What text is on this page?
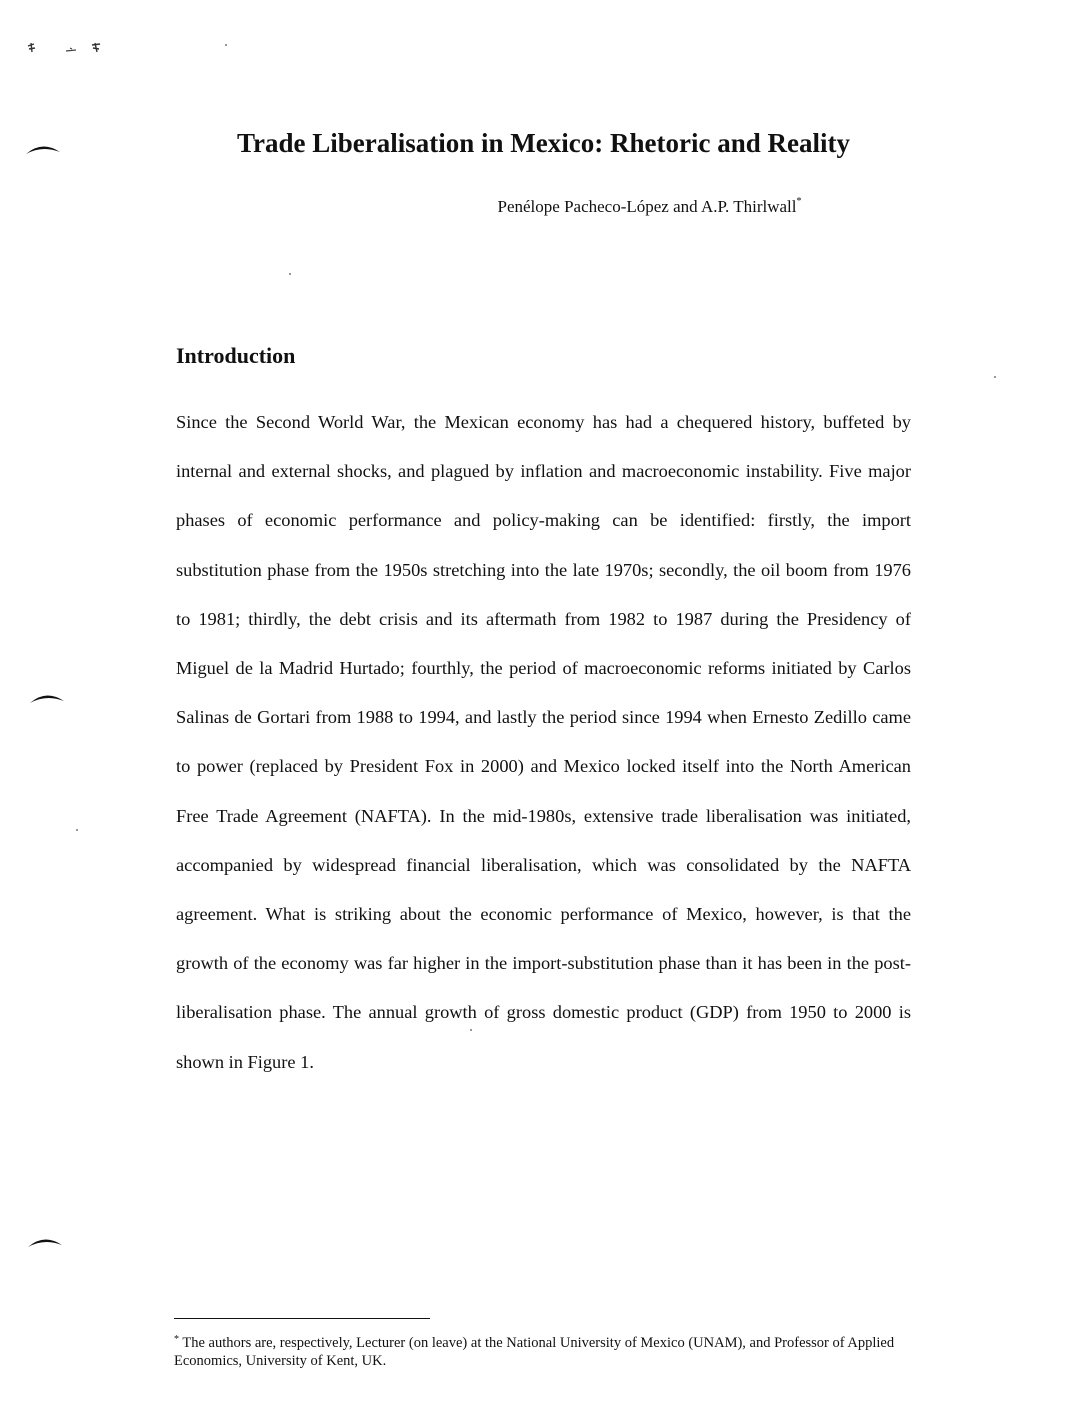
Trade Liberalisation in Mexico: Rhetoric and Reality
Penélope Pacheco-López and A.P. Thirlwall*
Introduction

Since the Second World War, the Mexican economy has had a chequered history, buffeted by internal and external shocks, and plagued by inflation and macroeconomic instability. Five major phases of economic performance and policy-making can be identified: firstly, the import substitution phase from the 1950s stretching into the late 1970s; secondly, the oil boom from 1976 to 1981; thirdly, the debt crisis and its aftermath from 1982 to 1987 during the Presidency of Miguel de la Madrid Hurtado; fourthly, the period of macroeconomic reforms initiated by Carlos Salinas de Gortari from 1988 to 1994, and lastly the period since 1994 when Ernesto Zedillo came to power (replaced by President Fox in 2000) and Mexico locked itself into the North American Free Trade Agreement (NAFTA). In the mid-1980s, extensive trade liberalisation was initiated, accompanied by widespread financial liberalisation, which was consolidated by the NAFTA agreement. What is striking about the economic performance of Mexico, however, is that the growth of the economy was far higher in the import-substitution phase than it has been in the post-liberalisation phase. The annual growth of gross domestic product (GDP) from 1950 to 2000 is shown in Figure 1.

* The authors are, respectively, Lecturer (on leave) at the National University of Mexico (UNAM), and Professor of Applied Economics, University of Kent, UK.
